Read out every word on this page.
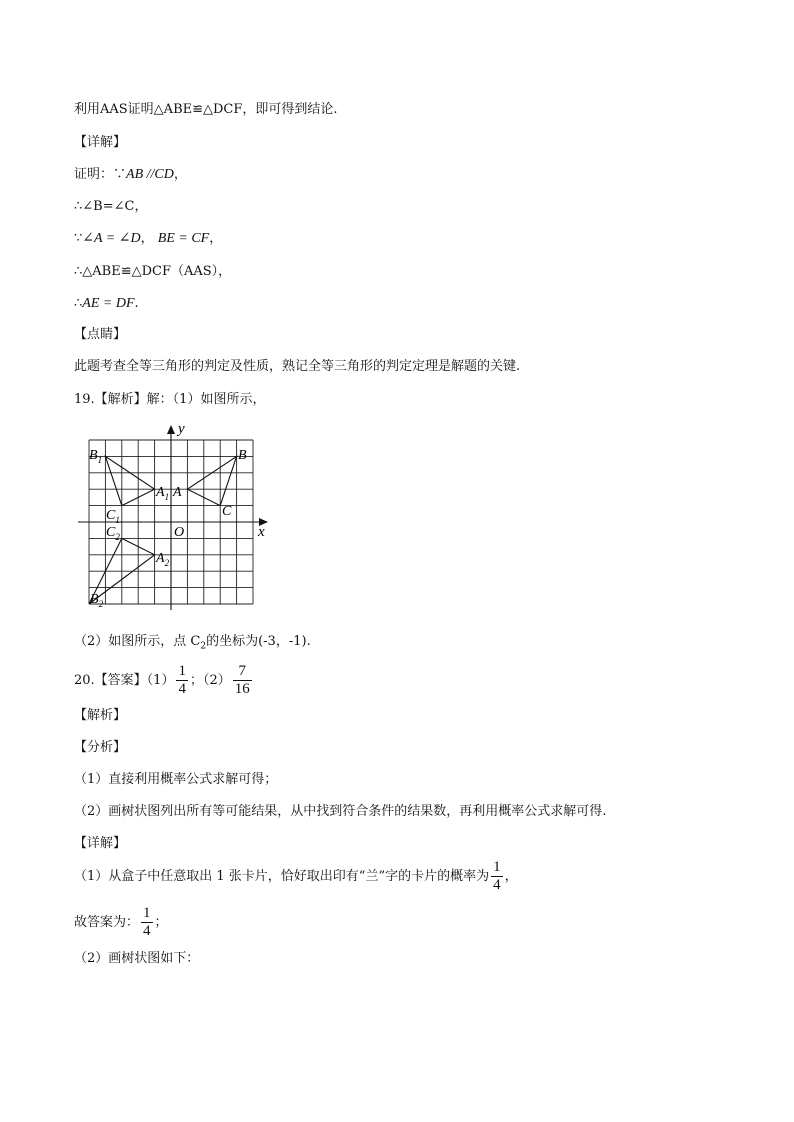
利用AAS证明△ABE≌△DCF，即可得到结论.
【详解】
证明：∵AB //CD，
∴∠B=∠C，
∵∠A = ∠D， BE = CF，
∴△ABE≌△DCF（AAS），
∴AE = DF.
【点睛】
此题考查全等三角形的判定及性质，熟记全等三角形的判定定理是解题的关键.
19.【解析】解：（1）如图所示，
x
y
O
$B_1$
$A_1$ A
B
C
$C_1$
$C_2$
$A_2$
$B_2$
（2）如图所示，点 $C_2$的坐标为(-3，-1).
20.【答案】$(1) \frac{1}{4}$ ；$(2) \frac{7}{16}$
【解析】
【分析】
（1）直接利用概率公式求解可得；
（2）画树状图列出所有等可能结果，从中找到符合条件的结果数，再利用概率公式求解可得.
【详解】
（1）从盒子中任意取出 1 张卡片，恰好取出印有“兰”字的卡片的概率为 $\frac{1}{4}$ ，
故答案为： $\frac{1}{4}$ ；
（2）画树状图如下：
